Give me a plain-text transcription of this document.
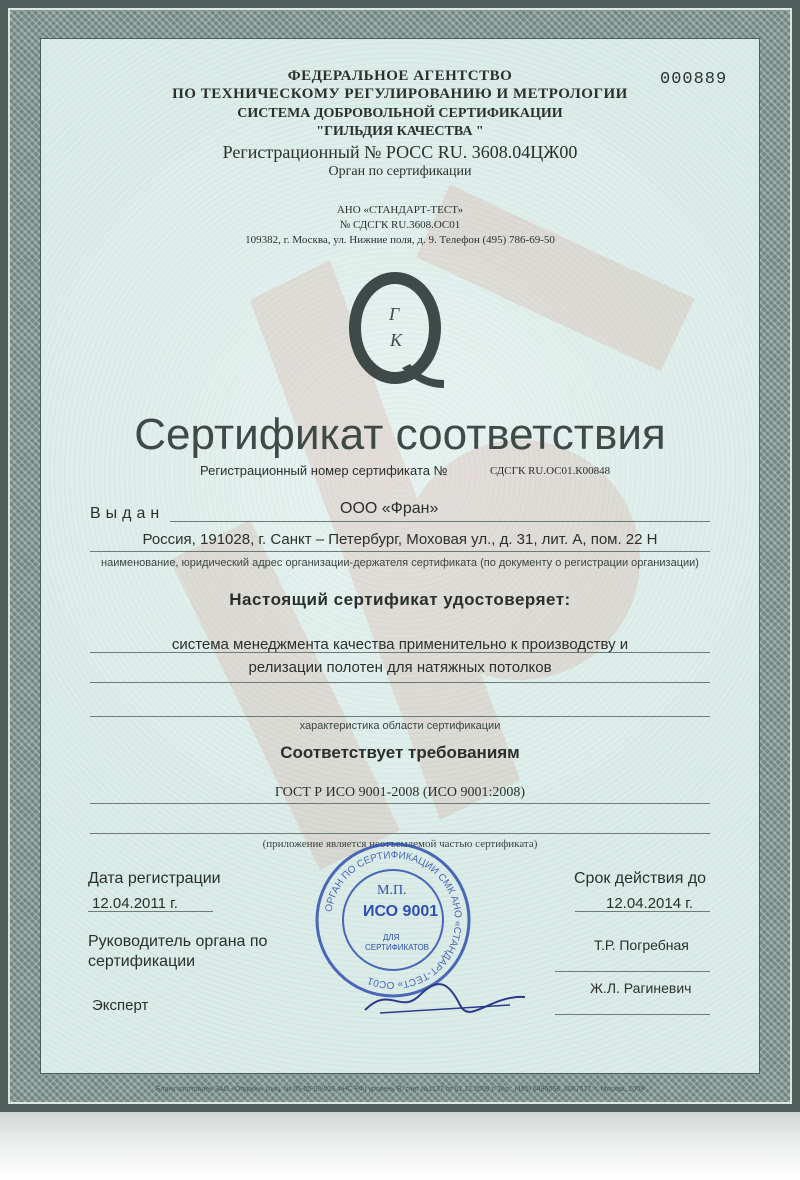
000889
ФЕДЕРАЛЬНОЕ АГЕНТСТВО
ПО ТЕХНИЧЕСКОМУ РЕГУЛИРОВАНИЮ И МЕТРОЛОГИИ
СИСТЕМА ДОБРОВОЛЬНОЙ СЕРТИФИКАЦИИ
"ГИЛЬДИЯ КАЧЕСТВА "
Регистрационный № РОСС RU. 3608.04ЦЖ00
Орган по сертификации
АНО «СТАНДАРТ-ТЕСТ»
№ СДСГК RU.3608.ОС01
109382, г. Москва, ул. Нижние поля, д. 9. Телефон (495) 786-69-50
Г
К
Сертификат соответствия
Регистрационный номер сертификата №	СДСГК RU.ОС01.К00848
Выдан	ООО «Фран»
Россия, 191028, г. Санкт – Петербург, Моховая ул., д. 31, лит. А, пом. 22 Н
наименование, юридический адрес организации-держателя сертификата (по документу о регистрации организации)
Настоящий сертификат удостоверяет:
система менеджмента качества применительно к производству и
релизации полотен для натяжных потолков
характеристика области сертификации
Соответствует требованиям
ГОСТ Р ИСО 9001-2008 (ИСО 9001:2008)
(приложение является неотъемлемой частью сертификата)
Дата регистрации
12.04.2011 г.
Срок действия до
12.04.2014 г.
Руководитель органа по
сертификации
Т.Р. Погребная
Эксперт
Ж.Л. Рагиневич
ОРГАН ПО СЕРТИФИКАЦИИ СМК АНО «СТАНДАРТ-ТЕСТ» ОС01
М.П.
ИСО 9001
ДЛЯ
СЕРТИФИКАТОВ
Бланк изготовлен ЗАО «Опцион» (лиц. № 05-05-09/003 ФНС РФ) уровень В, счет №1137 от 01.12.2009 г. Тел.: (495) 6486068, 6087617, г. Москва, 2009
